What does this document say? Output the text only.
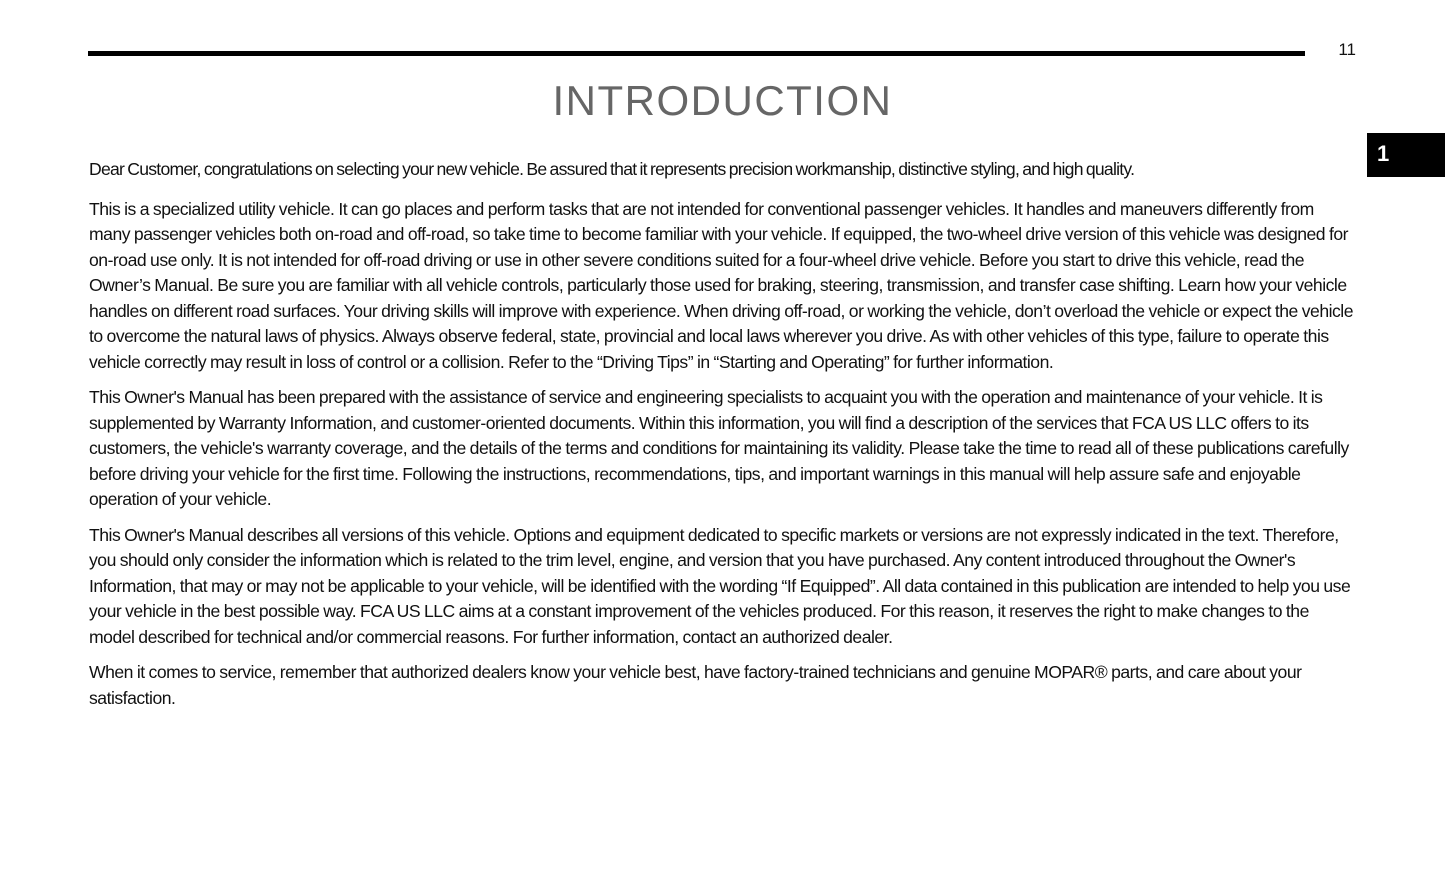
11
INTRODUCTION
1

Dear Customer, congratulations on selecting your new vehicle. Be assured that it represents precision workmanship, distinctive styling, and high quality.

This is a specialized utility vehicle. It can go places and perform tasks that are not intended for conventional passenger vehicles. It handles and maneuvers differently from many passenger vehicles both on-road and off-road, so take time to become familiar with your vehicle. If equipped, the two-wheel drive version of this vehicle was designed for on-road use only. It is not intended for off-road driving or use in other severe conditions suited for a four-wheel drive vehicle. Before you start to drive this vehicle, read the Owner’s Manual. Be sure you are familiar with all vehicle controls, particularly those used for braking, steering, transmission, and transfer case shifting. Learn how your vehicle handles on different road surfaces. Your driving skills will improve with experience. When driving off-road, or working the vehicle, don’t overload the vehicle or expect the vehicle to overcome the natural laws of physics. Always observe federal, state, provincial and local laws wherever you drive. As with other vehicles of this type, failure to operate this vehicle correctly may result in loss of control or a collision. Refer to the “Driving Tips” in “Starting and Operating” for further information.

This Owner's Manual has been prepared with the assistance of service and engineering specialists to acquaint you with the operation and maintenance of your vehicle. It is supplemented by Warranty Information, and customer-oriented documents. Within this information, you will find a description of the services that FCA US LLC offers to its customers, the vehicle's warranty coverage, and the details of the terms and conditions for maintaining its validity. Please take the time to read all of these publications carefully before driving your vehicle for the first time. Following the instructions, recommendations, tips, and important warnings in this manual will help assure safe and enjoyable operation of your vehicle.

This Owner's Manual describes all versions of this vehicle. Options and equipment dedicated to specific markets or versions are not expressly indicated in the text. Therefore, you should only consider the information which is related to the trim level, engine, and version that you have purchased. Any content introduced throughout the Owner's Information, that may or may not be applicable to your vehicle, will be identified with the wording “If Equipped”. All data contained in this publication are intended to help you use your vehicle in the best possible way. FCA US LLC aims at a constant improvement of the vehicles produced. For this reason, it reserves the right to make changes to the model described for technical and/or commercial reasons. For further information, contact an authorized dealer.

When it comes to service, remember that authorized dealers know your vehicle best, have factory-trained technicians and genuine MOPAR® parts, and care about your satisfaction.
